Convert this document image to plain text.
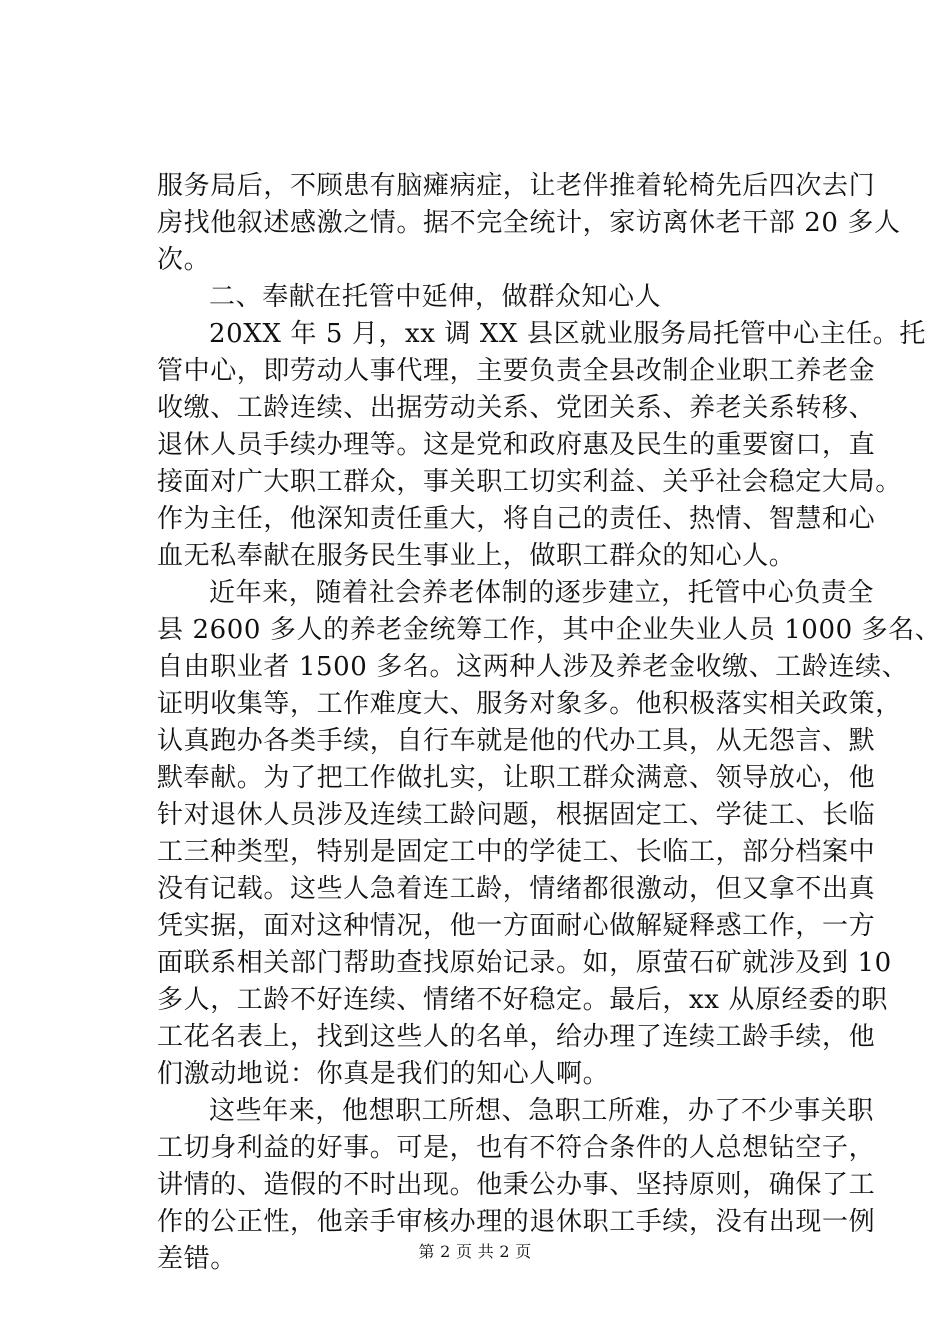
服务局后，不顾患有脑瘫病症，让老伴推着轮椅先后四次去门
房找他叙述感激之情。据不完全统计，家访离休老干部 20 多人
次。
二、奉献在托管中延伸，做群众知心人
20XX 年 5 月，xx 调 XX 县区就业服务局托管中心主任。托
管中心，即劳动人事代理，主要负责全县改制企业职工养老金
收缴、工龄连续、出据劳动关系、党团关系、养老关系转移、
退休人员手续办理等。这是党和政府惠及民生的重要窗口，直
接面对广大职工群众，事关职工切实利益、关乎社会稳定大局。
作为主任，他深知责任重大，将自己的责任、热情、智慧和心
血无私奉献在服务民生事业上，做职工群众的知心人。
近年来，随着社会养老体制的逐步建立，托管中心负责全
县 2600 多人的养老金统筹工作，其中企业失业人员 1000 多名、
自由职业者 1500 多名。这两种人涉及养老金收缴、工龄连续、
证明收集等，工作难度大、服务对象多。他积极落实相关政策，
认真跑办各类手续，自行车就是他的代办工具，从无怨言、默
默奉献。为了把工作做扎实，让职工群众满意、领导放心，他
针对退休人员涉及连续工龄问题，根据固定工、学徒工、长临
工三种类型，特别是固定工中的学徒工、长临工，部分档案中
没有记载。这些人急着连工龄，情绪都很激动，但又拿不出真
凭实据，面对这种情况，他一方面耐心做解疑释惑工作，一方
面联系相关部门帮助查找原始记录。如，原萤石矿就涉及到 10
多人，工龄不好连续、情绪不好稳定。最后，xx 从原经委的职
工花名表上，找到这些人的名单，给办理了连续工龄手续，他
们激动地说：你真是我们的知心人啊。
这些年来，他想职工所想、急职工所难，办了不少事关职
工切身利益的好事。可是，也有不符合条件的人总想钻空子，
讲情的、造假的不时出现。他秉公办事、坚持原则，确保了工
作的公正性，他亲手审核办理的退休职工手续，没有出现一例
差错。	第 2 页 共 2 页
